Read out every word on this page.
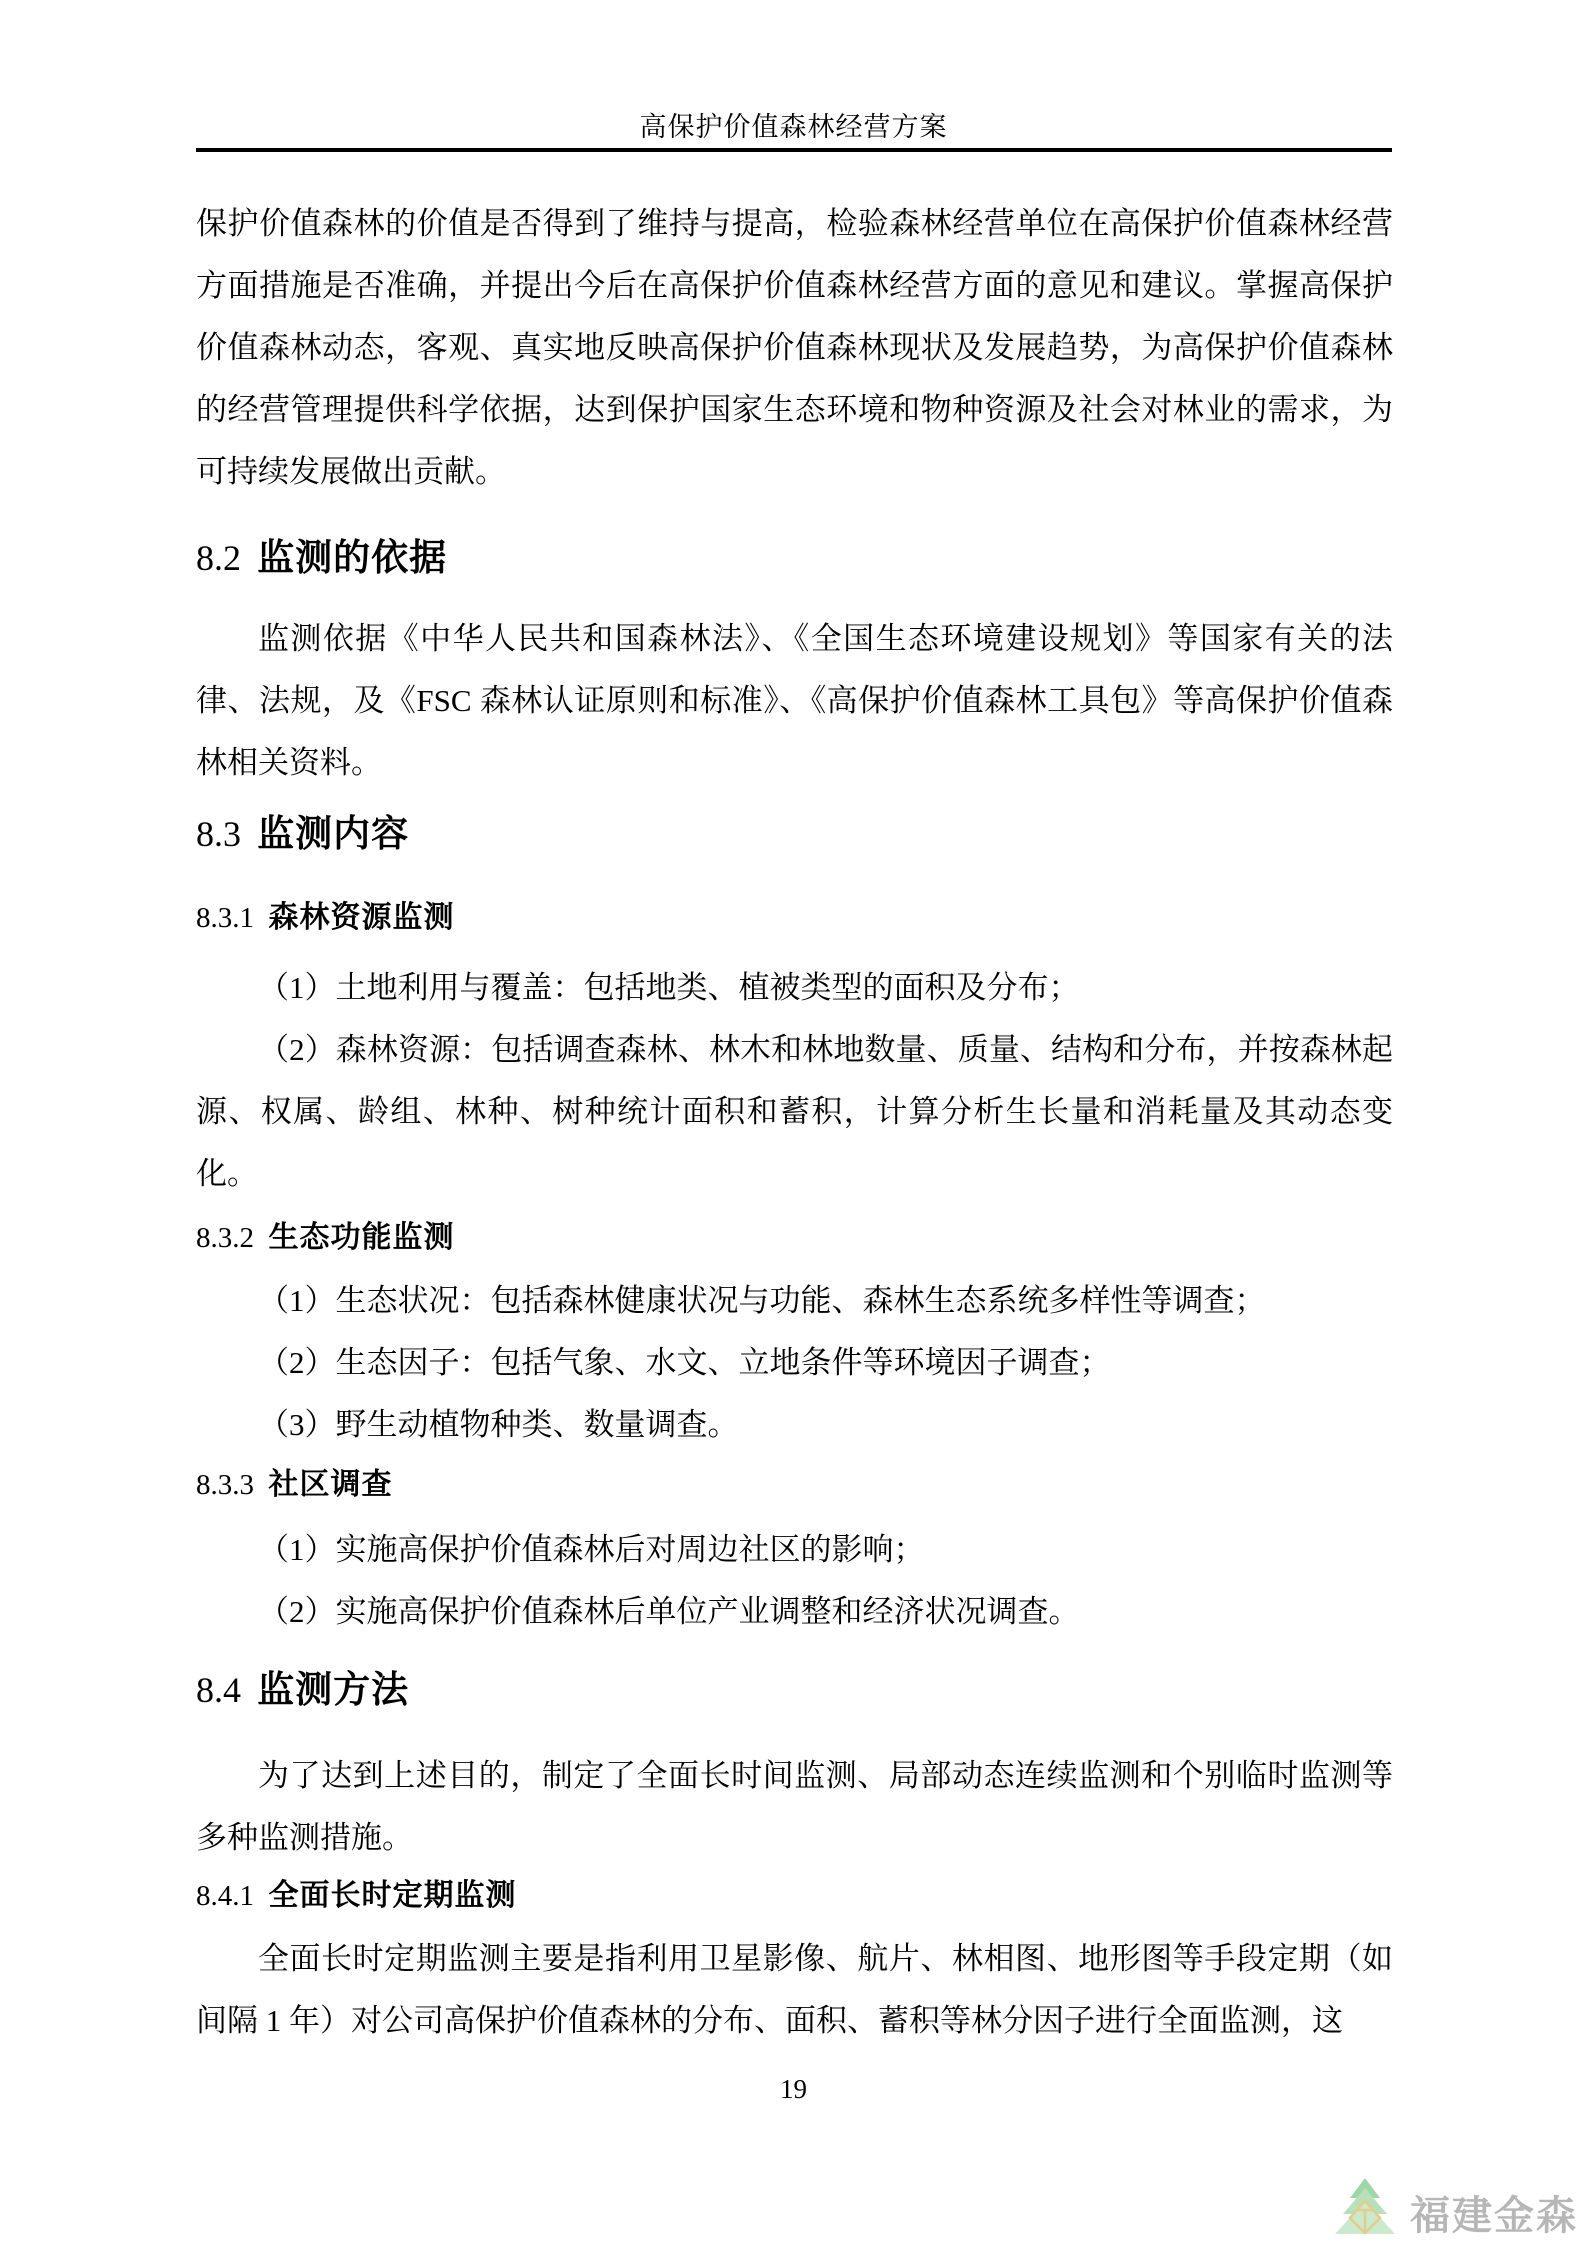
高保护价值森林经营方案

保护价值森林的价值是否得到了维持与提高，检验森林经营单位在高保护价值森林经营方面措施是否准确，并提出今后在高保护价值森林经营方面的意见和建议。掌握高保护价值森林动态，客观、真实地反映高保护价值森林现状及发展趋势，为高保护价值森林的经营管理提供科学依据，达到保护国家生态环境和物种资源及社会对林业的需求，为可持续发展做出贡献。

8.2 监测的依据

监测依据《中华人民共和国森林法》、《全国生态环境建设规划》等国家有关的法律、法规，及《FSC 森林认证原则和标准》、《高保护价值森林工具包》等高保护价值森林相关资料。

8.3 监测内容
8.3.1 森林资源监测

（1）土地利用与覆盖：包括地类、植被类型的面积及分布；

（2）森林资源：包括调查森林、林木和林地数量、质量、结构和分布，并按森林起源、权属、龄组、林种、树种统计面积和蓄积，计算分析生长量和消耗量及其动态变化。

8.3.2 生态功能监测

（1）生态状况：包括森林健康状况与功能、森林生态系统多样性等调查；

（2）生态因子：包括气象、水文、立地条件等环境因子调查；

（3）野生动植物种类、数量调查。

8.3.3 社区调查

（1）实施高保护价值森林后对周边社区的影响；

（2）实施高保护价值森林后单位产业调整和经济状况调查。

8.4 监测方法

为了达到上述目的，制定了全面长时间监测、局部动态连续监测和个别临时监测等多种监测措施。

8.4.1 全面长时定期监测

全面长时定期监测主要是指利用卫星影像、航片、林相图、地形图等手段定期（如间隔 1 年）对公司高保护价值森林的分布、面积、蓄积等林分因子进行全面监测，这

19
福建金森
